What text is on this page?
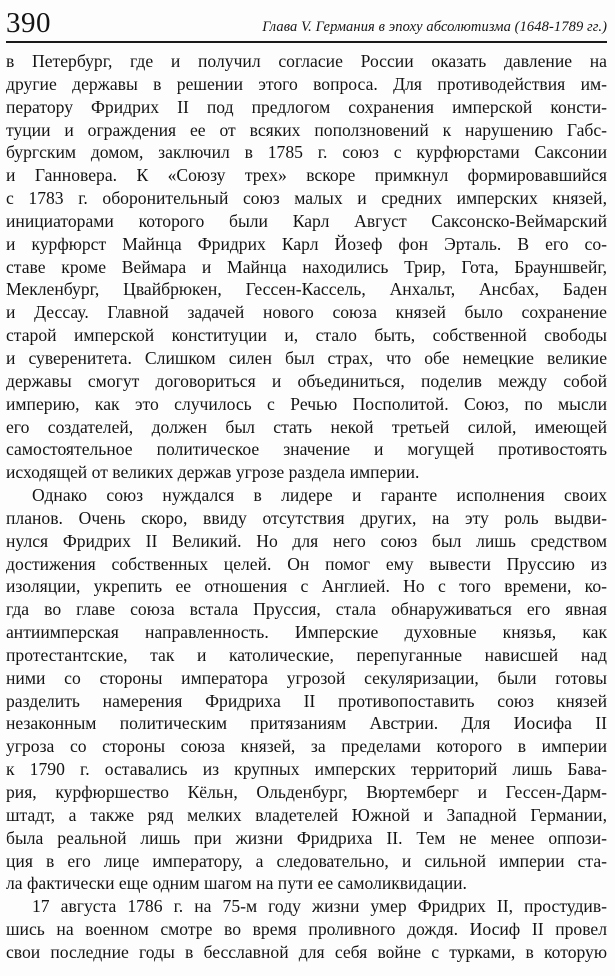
390	Глава V. Германия в эпоху абсолютизма (1648-1789 гг.)
в Петербург, где и получил согласие России оказать давление на
другие державы в решении этого вопроса. Для противодействия им-
ператору Фридрих II под предлогом сохранения имперской консти-
туции и ограждения ее от всяких поползновений к нарушению Габс-
бургским домом, заключил в 1785 г. союз с курфюрстами Саксонии
и Ганновера. К «Союзу трех» вскоре примкнул формировавшийся
с 1783 г. оборонительный союз малых и средних имперских князей,
инициаторами которого были Карл Август Саксонско-Веймарский
и курфюрст Майнца Фридрих Карл Йозеф фон Эрталь. В его со-
ставе кроме Веймара и Майнца находились Трир, Гота, Брауншвейг,
Мекленбург, Цвайбрюкен, Гессен-Кассель, Анхальт, Ансбах, Баден
и Дессау. Главной задачей нового союза князей было сохранение
старой имперской конституции и, стало быть, собственной свободы
и суверенитета. Слишком силен был страх, что обе немецкие великие
державы смогут договориться и объединиться, поделив между собой
империю, как это случилось с Речью Посполитой. Союз, по мысли
его создателей, должен был стать некой третьей силой, имеющей
самостоятельное политическое значение и могущей противостоять
исходящей от великих держав угрозе раздела империи.
Однако союз нуждался в лидере и гаранте исполнения своих
планов. Очень скоро, ввиду отсутствия других, на эту роль выдви-
нулся Фридрих II Великий. Но для него союз был лишь средством
достижения собственных целей. Он помог ему вывести Пруссию из
изоляции, укрепить ее отношения с Англией. Но с того времени, ко-
гда во главе союза встала Пруссия, стала обнаруживаться его явная
антиимперская направленность. Имперские духовные князья, как
протестантские, так и католические, перепуганные нависшей над
ними со стороны императора угрозой секуляризации, были готовы
разделить намерения Фридриха II противопоставить союз князей
незаконным политическим притязаниям Австрии. Для Иосифа II
угроза со стороны союза князей, за пределами которого в империи
к 1790 г. оставались из крупных имперских территорий лишь Бава-
рия, курфюршество Кёльн, Ольденбург, Вюртемберг и Гессен-Дарм-
штадт, а также ряд мелких владетелей Южной и Западной Германии,
была реальной лишь при жизни Фридриха II. Тем не менее оппози-
ция в его лице императору, а следовательно, и сильной империи ста-
ла фактически еще одним шагом на пути ее самоликвидации.
17 августа 1786 г. на 75-м году жизни умер Фридрих II, простудив-
шись на военном смотре во время проливного дождя. Иосиф II провел
свои последние годы в бесславной для себя войне с турками, в которую
